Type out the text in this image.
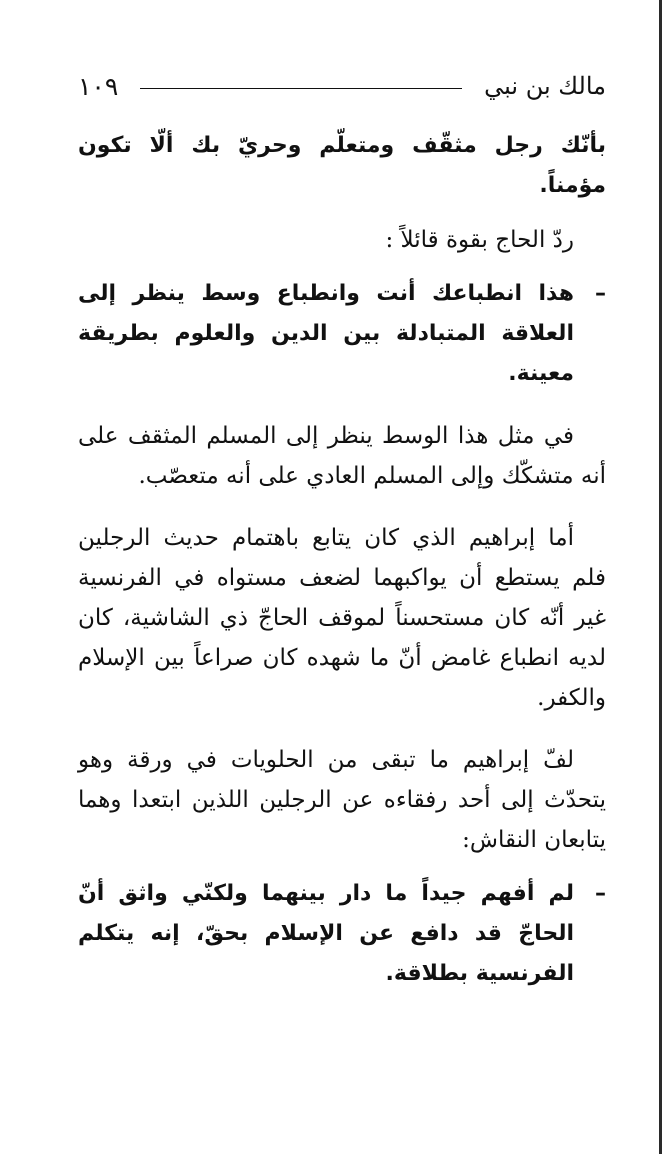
مالك بن نبي
١٠٩

بأنّك رجل مثقّف ومتعلّم وحريّ بك ألّا تكون مؤمناً.

ردّ الحاج بقوة قائلاً :

–هذا انطباعك أنت وانطباع وسط ينظر إلى العلاقة المتبادلة بين الدين والعلوم بطريقة معينة.

في مثل هذا الوسط ينظر إلى المسلم المثقف على أنه متشكّك وإلى المسلم العادي على أنه متعصّب.

أما إبراهيم الذي كان يتابع باهتمام حديث الرجلين فلم يستطع أن يواكبهما لضعف مستواه في الفرنسية غير أنّه كان مستحسناً لموقف الحاجّ ذي الشاشية، كان لديه انطباع غامض أنّ ما شهده كان صراعاً بين الإسلام والكفر.

لفّ إبراهيم ما تبقى من الحلويات في ورقة وهو يتحدّث إلى أحد رفقاءه عن الرجلين اللذين ابتعدا وهما يتابعان النقاش:

–لم أفهم جيداً ما دار بينهما ولكنّي واثق أنّ الحاجّ قد دافع عن الإسلام بحقّ، إنه يتكلم الفرنسية بطلاقة.
